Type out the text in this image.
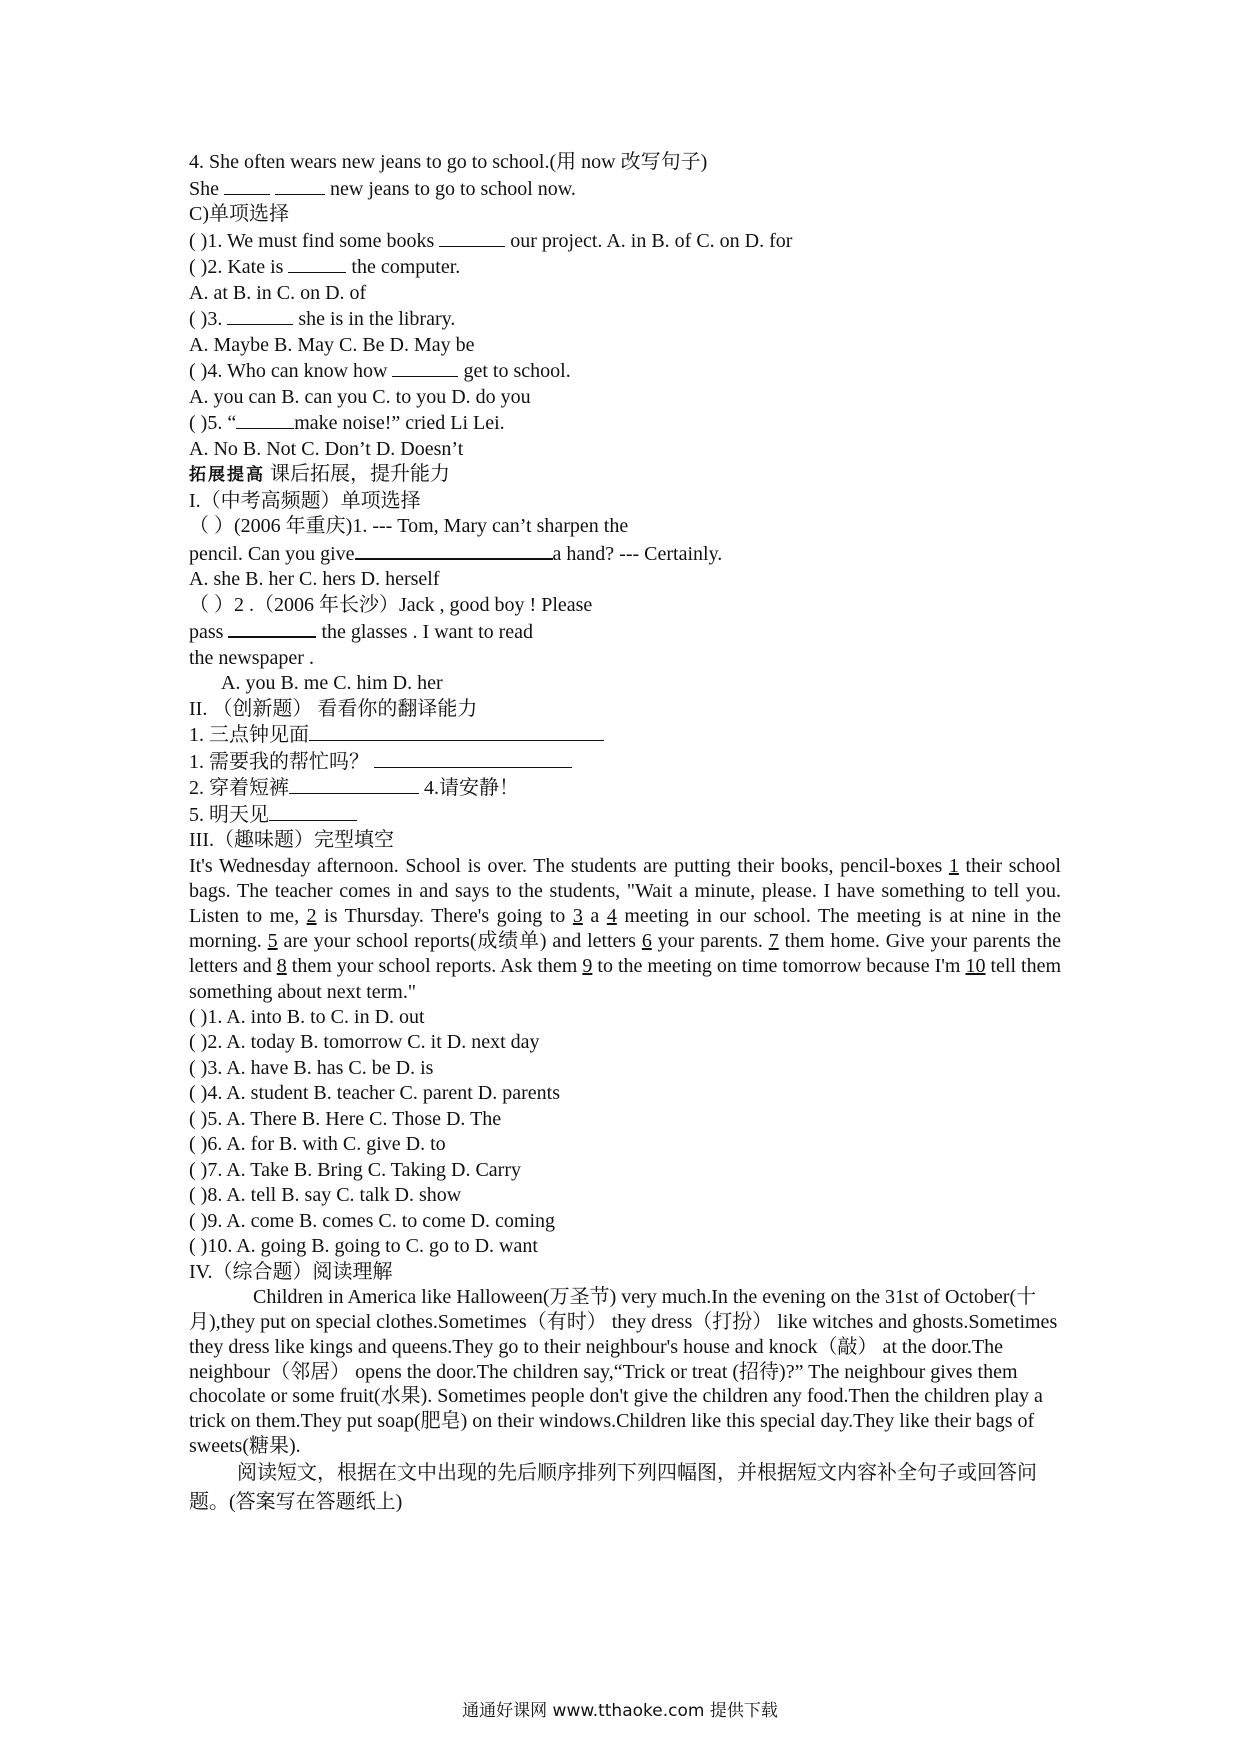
4. She often wears new jeans to go to school.(用 now 改写句子)
She	new jeans to go to school now.
C)单项选择
( )1. We must find some books	our project. A. in B. of C. on D. for
( )2. Kate is	the computer.
A. at B. in C. on D. of
( )3.	she is in the library.
A. Maybe B. May C. Be D. May be
( )4. Who can know how	get to school.
A. you can B. can you C. to you D. do you
( )5. “	make noise!” cried Li Lei.
A. No B. Not C. Don’t D. Doesn’t
拓展提高 课后拓展，提升能力
I.（中考高频题）单项选择
（ ）(2006 年重庆)1. --- Tom, Mary can’t sharpen the
pencil. Can you give	a hand? --- Certainly.
A. she B. her C. hers D. herself
（ ）2 .（2006 年长沙）Jack , good boy ! Please
pass	the glasses . I want to read
the newspaper .
A. you B. me C. him D. her
II. （创新题） 看看你的翻译能力
1. 三点钟见面
1. 需要我的帮忙吗？
2. 穿着短裤	4.请安静！
5. 明天见
III.（趣味题）完型填空
It's Wednesday afternoon. School is over. The students are putting their books, pencil-boxes 1 their school bags. The teacher comes in and says to the students, "Wait a minute, please. I have something to tell you. Listen to me, 2 is Thursday. There's going to 3 a 4 meeting in our school. The meeting is at nine in the morning. 5 are your school reports(成绩单) and letters 6 your parents. 7 them home. Give your parents the letters and 8 them your school reports. Ask them 9 to the meeting on time tomorrow because I'm 10 tell them something about next term."
( )1. A. into B. to C. in D. out
( )2. A. today B. tomorrow C. it D. next day
( )3. A. have B. has C. be D. is
( )4. A. student B. teacher C. parent D. parents
( )5. A. There B. Here C. Those D. The
( )6. A. for B. with C. give D. to
( )7. A. Take B. Bring C. Taking D. Carry
( )8. A. tell B. say C. talk D. show
( )9. A. come B. comes C. to come D. coming
( )10. A. going B. going to C. go to D. want
IV.（综合题）阅读理解
Children in America like Halloween(万圣节) very much.In the evening on the 31st of October(十月),they put on special clothes.Sometimes（有时） they dress（打扮） like witches and ghosts.Sometimes they dress like kings and queens.They go to their neighbour's house and knock（敲） at the door.The neighbour（邻居） opens the door.The children say,“Trick or treat (招待)?” The neighbour gives them chocolate or some fruit(水果). Sometimes people don't give the children any food.Then the children play a trick on them.They put soap(肥皂) on their windows.Children like this special day.They like their bags of sweets(糖果).
阅读短文，根据在文中出现的先后顺序排列下列四幅图，并根据短文内容补全句子或回答问题。(答案写在答题纸上)
通通好课网 www.tthaoke.com 提供下载
